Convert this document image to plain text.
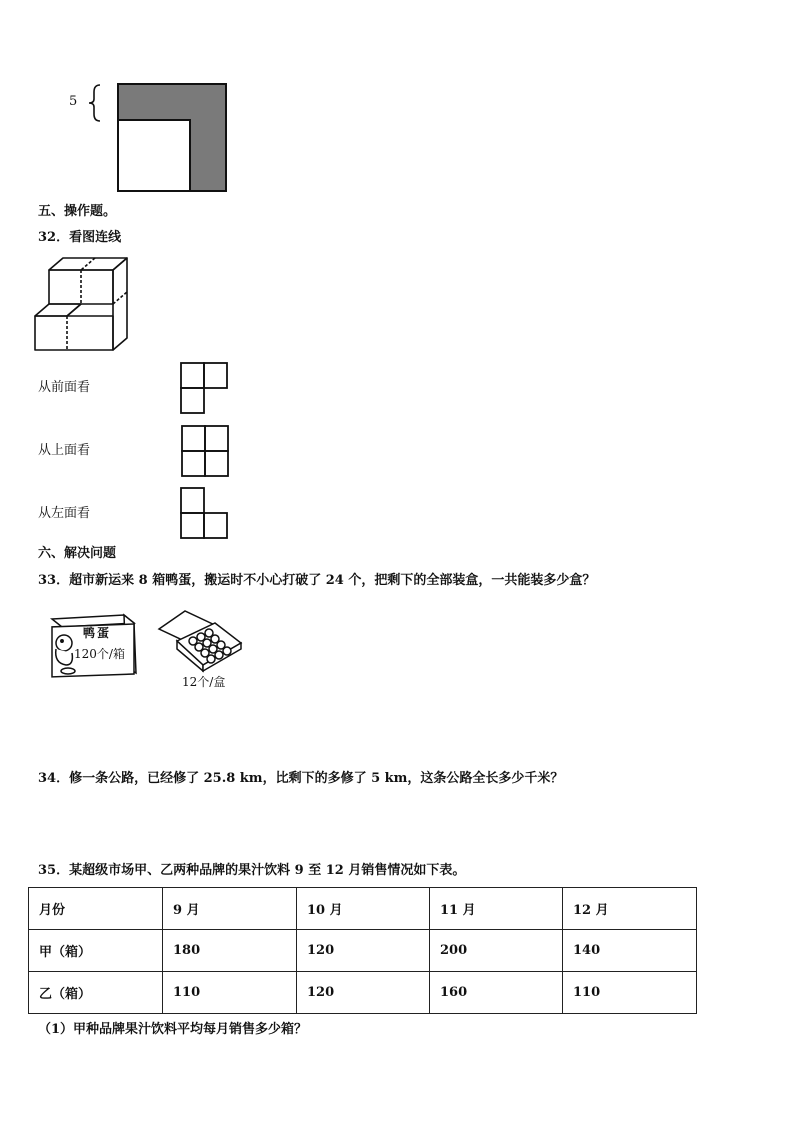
5
五、操作题。
32．看图连线
从前面看
从上面看
从左面看
六、解决问题
33．超市新运来 8 箱鸭蛋，搬运时不小心打破了 24 个，把剩下的全部装盒，一共能装多少盒？
鸭蛋
120个/箱
12个/盒
34．修一条公路，已经修了 25.8 km，比剩下的多修了 5 km，这条公路全长多少千米？
35．某超级市场甲、乙两种品牌的果汁饮料 9 至 12 月销售情况如下表。
月份	9 月	10 月	11 月	12 月
甲（箱）	180	120	200	140
乙（箱）	110	120	160	110
（1）甲种品牌果汁饮料平均每月销售多少箱？
